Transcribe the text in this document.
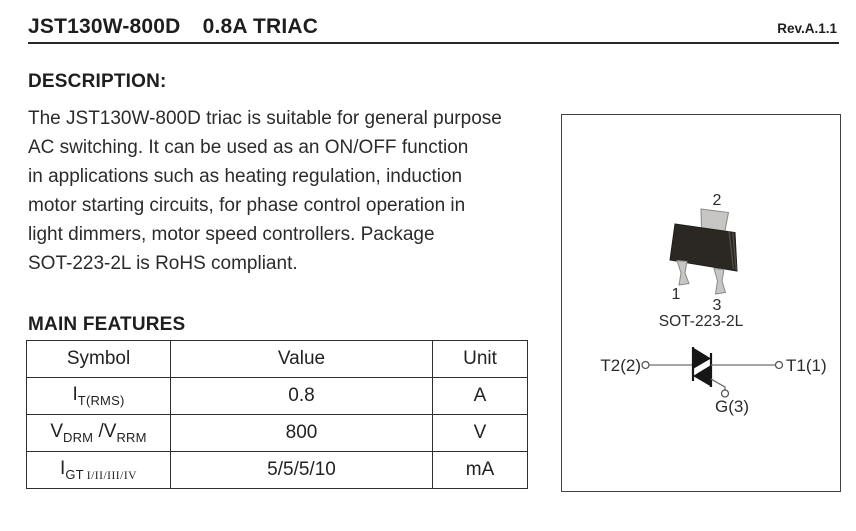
JST130W-800D 0.8A TRIAC	Rev.A.1.1
DESCRIPTION:
The JST130W-800D triac is suitable for general purpose
AC switching. It can be used as an ON/OFF function
in applications such as heating regulation, induction
motor starting circuits, for phase control operation in
light dimmers, motor speed controllers. Package
SOT-223-2L is RoHS compliant.
MAIN FEATURES
Symbol	Value	Unit
$I_{T(RMS)}$	0.8	A
$V_{DRM}$ $/V_{RRM}$	800	V
$I_{GT}$ $_{I/II/III/IV}$	5/5/5/10	mA
2
1
3
SOT-223-2L
T2(2)	T1(1)
G(3)
